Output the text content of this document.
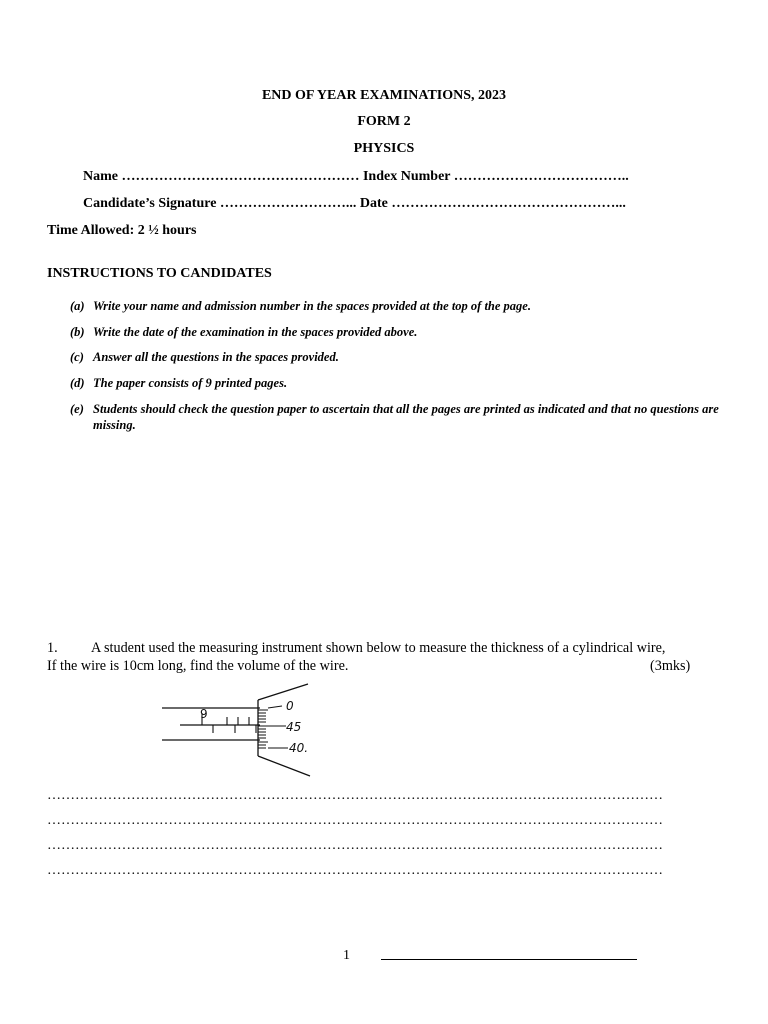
END OF YEAR EXAMINATIONS, 2023
FORM 2
PHYSICS
Name …………………………………………… Index Number ………………………………..
Candidate’s Signature ………………………... Date …………………………………………...
Time Allowed: 2 ½ hours
INSTRUCTIONS TO CANDIDATES
(a) Write your name and admission number in the spaces provided at the top of the page.
(b) Write the date of the examination in the spaces provided above.
(c) Answer all the questions in the spaces provided.
(d) The paper consists of 9 printed pages.
(e) Students should check the question paper to ascertain that all the pages are printed as indicated and that no questions are missing.
1. A student used the measuring instrument shown below to measure the thickness of a cylindrical wire,
If the wire is 10cm long, find the volume of the wire.	(3mks)
9
0
45
40.
……………………………………………………………………………………………………………………
……………………………………………………………………………………………………………………
……………………………………………………………………………………………………………………
……………………………………………………………………………………………………………………
1
